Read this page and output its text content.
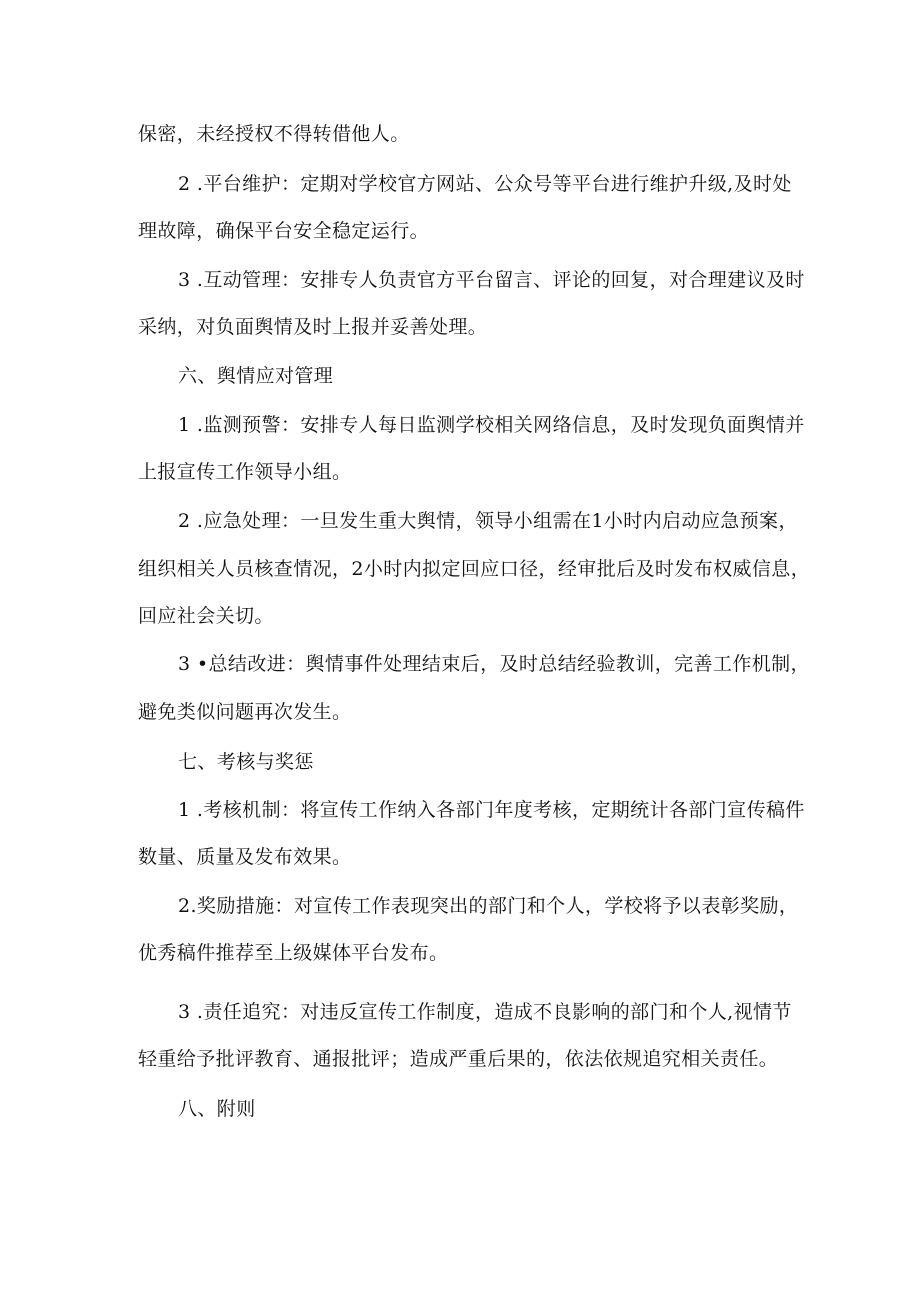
保密，未经授权不得转借他人。
2 .平台维护：定期对学校官方网站、公众号等平台进行维护升级,及时处
理故障，确保平台安全稳定运行。
3 .互动管理：安排专人负责官方平台留言、评论的回复，对合理建议及时
采纳，对负面舆情及时上报并妥善处理。
六、舆情应对管理
1 .监测预警：安排专人每日监测学校相关网络信息，及时发现负面舆情并
上报宣传工作领导小组。
2 .应急处理：一旦发生重大舆情，领导小组需在1小时内启动应急预案，
组织相关人员核查情况，2小时内拟定回应口径，经审批后及时发布权威信息，
回应社会关切。
3 •总结改进：舆情事件处理结束后，及时总结经验教训，完善工作机制，
避免类似问题再次发生。
七、考核与奖惩
1 .考核机制：将宣传工作纳入各部门年度考核，定期统计各部门宣传稿件
数量、质量及发布效果。
2.奖励措施：对宣传工作表现突出的部门和个人，学校将予以表彰奖励，
优秀稿件推荐至上级媒体平台发布。
3 .责任追究：对违反宣传工作制度，造成不良影响的部门和个人,视情节
轻重给予批评教育、通报批评；造成严重后果的，依法依规追究相关责任。
八、附则
